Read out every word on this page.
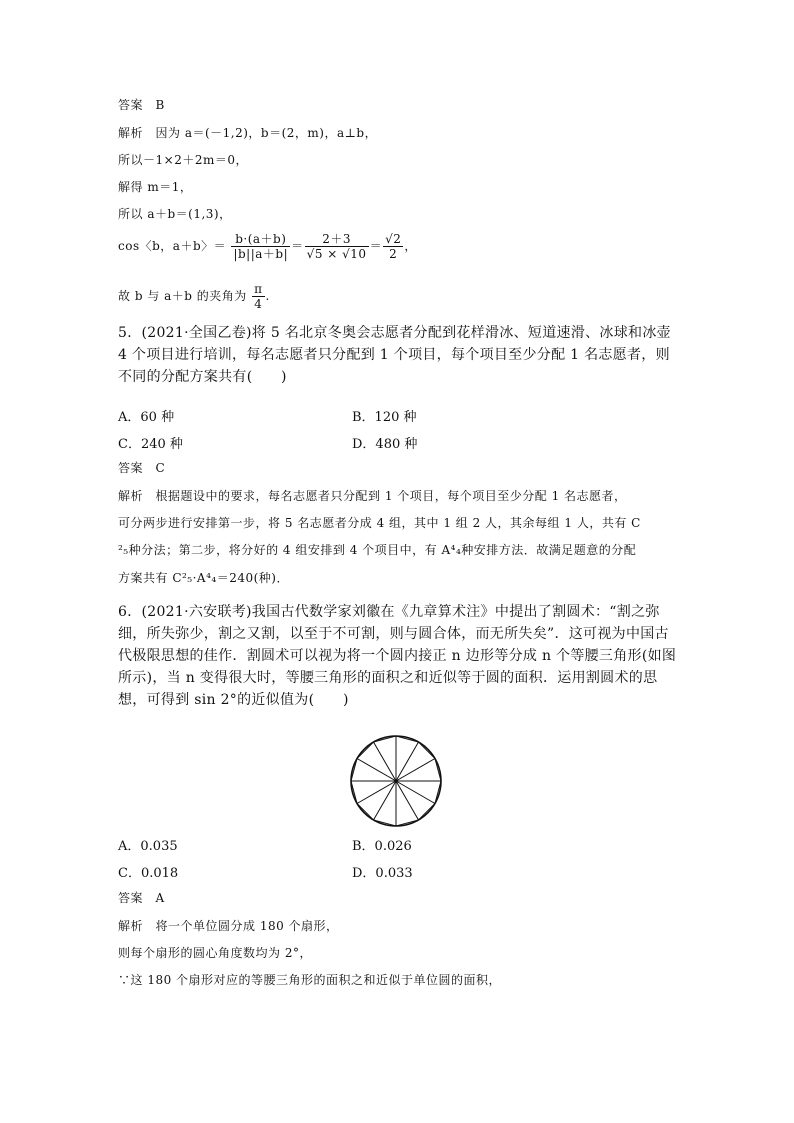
答案　B
解析　因为 a＝(－1,2)，b＝(2，m)，a⊥b，
所以－1×2＋2m＝0，
解得 m＝1，
所以 a＋b＝(1,3)，
cos〈b，a＋b〉＝ $\frac{b\cdot(a+b)}{|b||a+b|} = \frac{2+3}{√5 \times √10} = \frac{√2}{2}$ ，
故 b 与 a＋b 的夹角为 $\frac{\pi}{4}$ .
5．(2021·全国乙卷)将 5 名北京冬奥会志愿者分配到花样滑冰、短道速滑、冰球和冰壶 4 个项目进行培训，每名志愿者只分配到 1 个项目，每个项目至少分配 1 名志愿者，则不同的分配方案共有(　　)
A．60 种	B．120 种
C．240 种	D．480 种
答案　C
解析　根据题设中的要求，每名志愿者只分配到 1 个项目，每个项目至少分配 1 名志愿者，
可分两步进行安排第一步，将 5 名志愿者分成 4 组，其中 1 组 2 人，其余每组 1 人，共有 C
²₅种分法；第二步，将分好的 4 组安排到 4 个项目中，有 A⁴₄种安排方法．故满足题意的分配
方案共有 C²₅·A⁴₄＝240(种)．
6．(2021·六安联考)我国古代数学家刘徽在《九章算术注》中提出了割圆术：“割之弥细，所失弥少，割之又割，以至于不可割，则与圆合体，而无所失矣”．这可视为中国古代极限思想的佳作．割圆术可以视为将一个圆内接正 n 边形等分成 n 个等腰三角形(如图所示)，当 n 变得很大时，等腰三角形的面积之和近似等于圆的面积．运用割圆术的思想，可得到 sin 2°的近似值为(　　)
A．0.035	B．0.026
C．0.018	D．0.033
答案　A
解析　将一个单位圆分成 180 个扇形，
则每个扇形的圆心角度数均为 2°，
∵这 180 个扇形对应的等腰三角形的面积之和近似于单位圆的面积，
